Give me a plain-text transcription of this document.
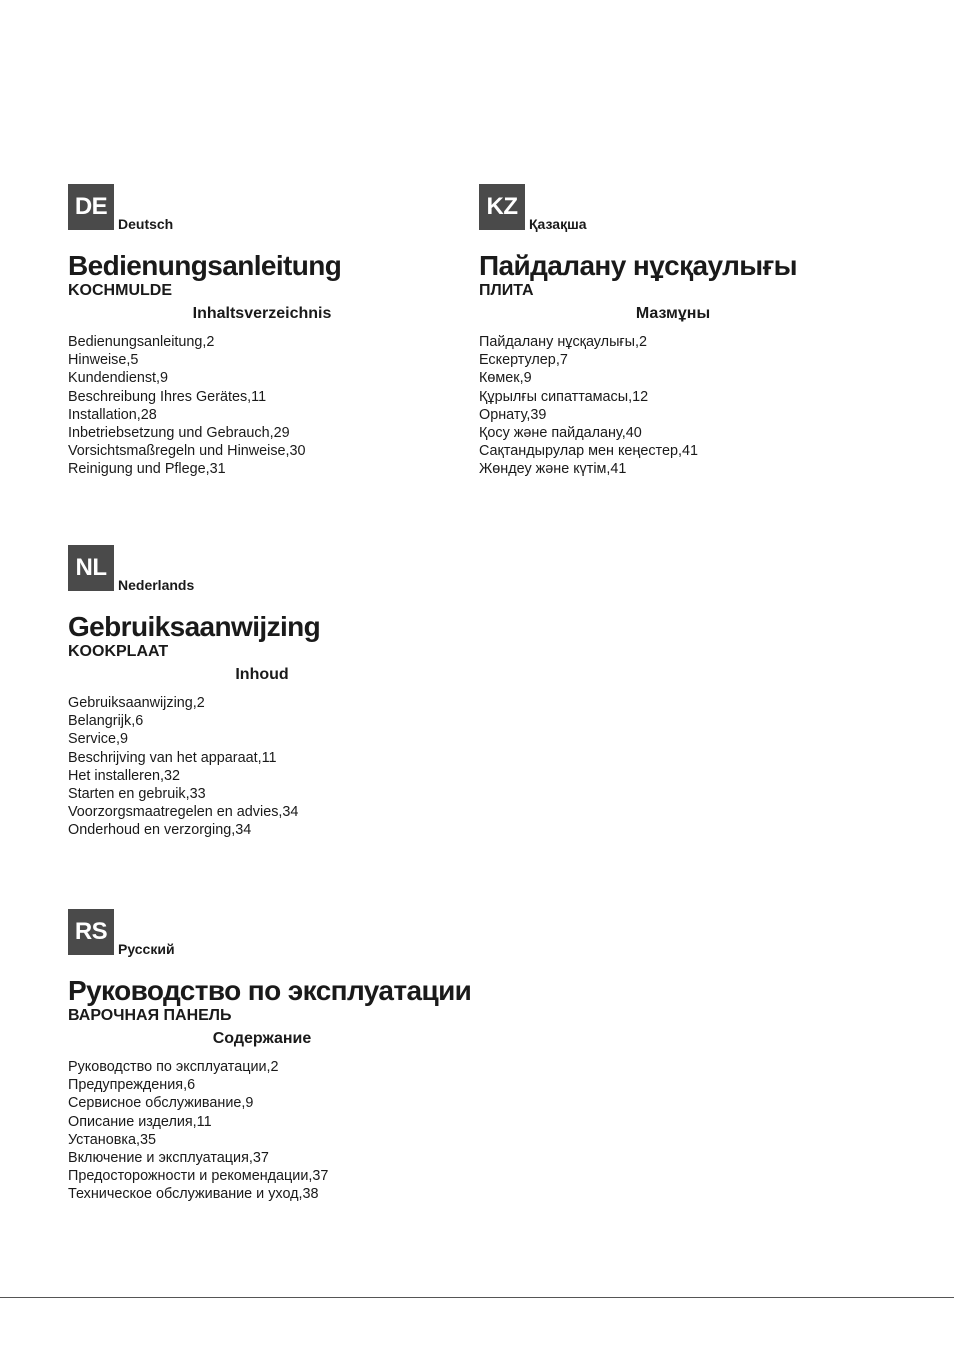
DE
Deutsch
Bedienungsanleitung
KOCHMULDE
Inhaltsverzeichnis
Bedienungsanleitung,2
Hinweise,5
Kundendienst,9
Beschreibung Ihres Gerätes,11
Installation,28
Inbetriebsetzung und Gebrauch,29
Vorsichtsmaßregeln und Hinweise,30
Reinigung und Pflege,31
KZ
Қазақша
Пайдалану нұсқаулығы
ПЛИТА
Мазмұны
Пайдалану нұсқаулығы,2
Ескертулер,7
Көмек,9
Құрылғы сипаттамасы,12
Орнату,39
Қосу және пайдалану,40
Сақтандырулар мен кеңестер,41
Жөндеу және күтім,41
NL
Nederlands
Gebruiksaanwijzing
KOOKPLAAT
Inhoud
Gebruiksaanwijzing,2
Belangrijk,6
Service,9
Beschrijving van het apparaat,11
Het installeren,32
Starten en gebruik,33
Voorzorgsmaatregelen en advies,34
Onderhoud en verzorging,34
RS
Русский
Руководство по эксплуатации
ВАРОЧНАЯ ПАНЕЛЬ
Содержание
Руководство по эксплуатации,2
Предупреждения,6
Сервисное обслуживание,9
Описание изделия,11
Установка,35
Включение и эксплуатация,37
Предосторожности и рекомендации,37
Техническое обслуживание и уход,38
